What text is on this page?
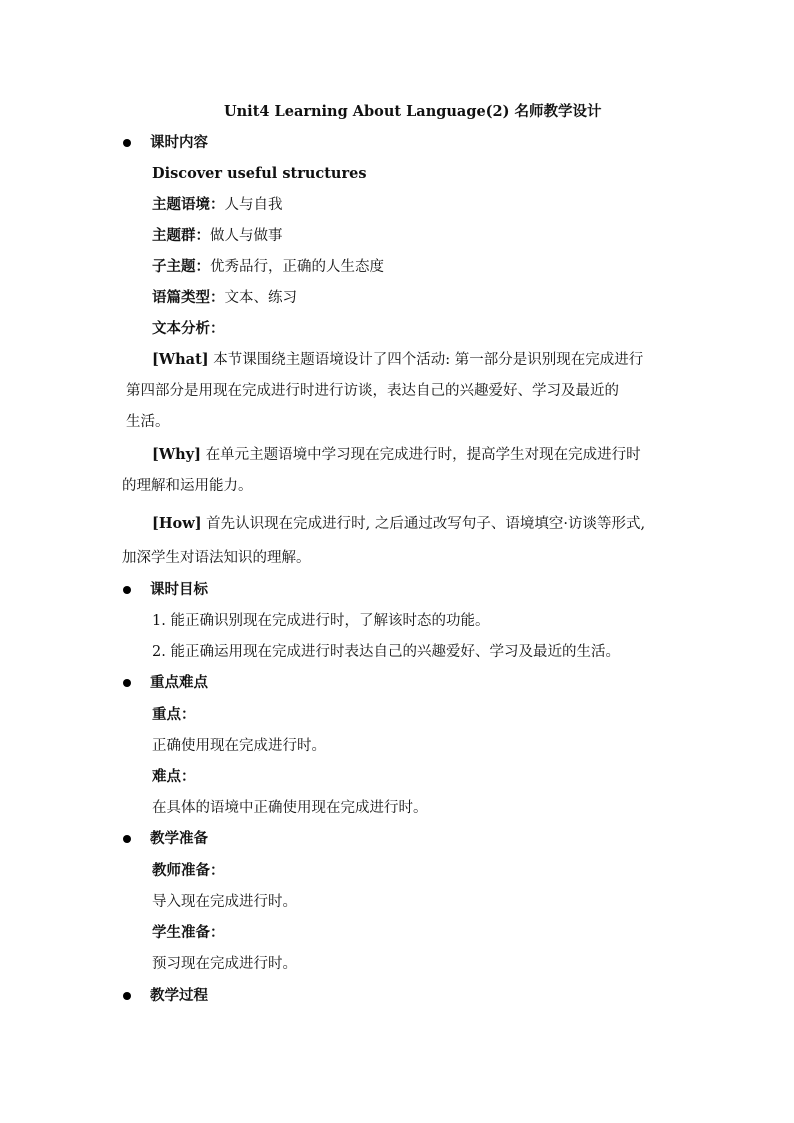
Unit4 Learning About Language(2) 名师教学设计
课时内容
Discover useful structures
主题语境：人与自我
主题群：做人与做事
子主题：优秀品行，正确的人生态度
语篇类型：文本、练习
文本分析：
[What] 本节课围绕主题语境设计了四个活动: 第一部分是识别现在完成进行
第四部分是用现在完成进行时进行访谈，表达自己的兴趣爱好、学习及最近的
生活。
[Why] 在单元主题语境中学习现在完成进行时，提高学生对现在完成进行时
的理解和运用能力。
[How] 首先认识现在完成进行时, 之后通过改写句子、语境填空·访谈等形式,
加深学生对语法知识的理解。
课时目标
1. 能正确识别现在完成进行时，了解该时态的功能。
2. 能正确运用现在完成进行时表达自己的兴趣爱好、学习及最近的生活。
重点难点
重点：
正确使用现在完成进行时。
难点：
在具体的语境中正确使用现在完成进行时。
教学准备
教师准备：
导入现在完成进行时。
学生准备：
预习现在完成进行时。
教学过程
